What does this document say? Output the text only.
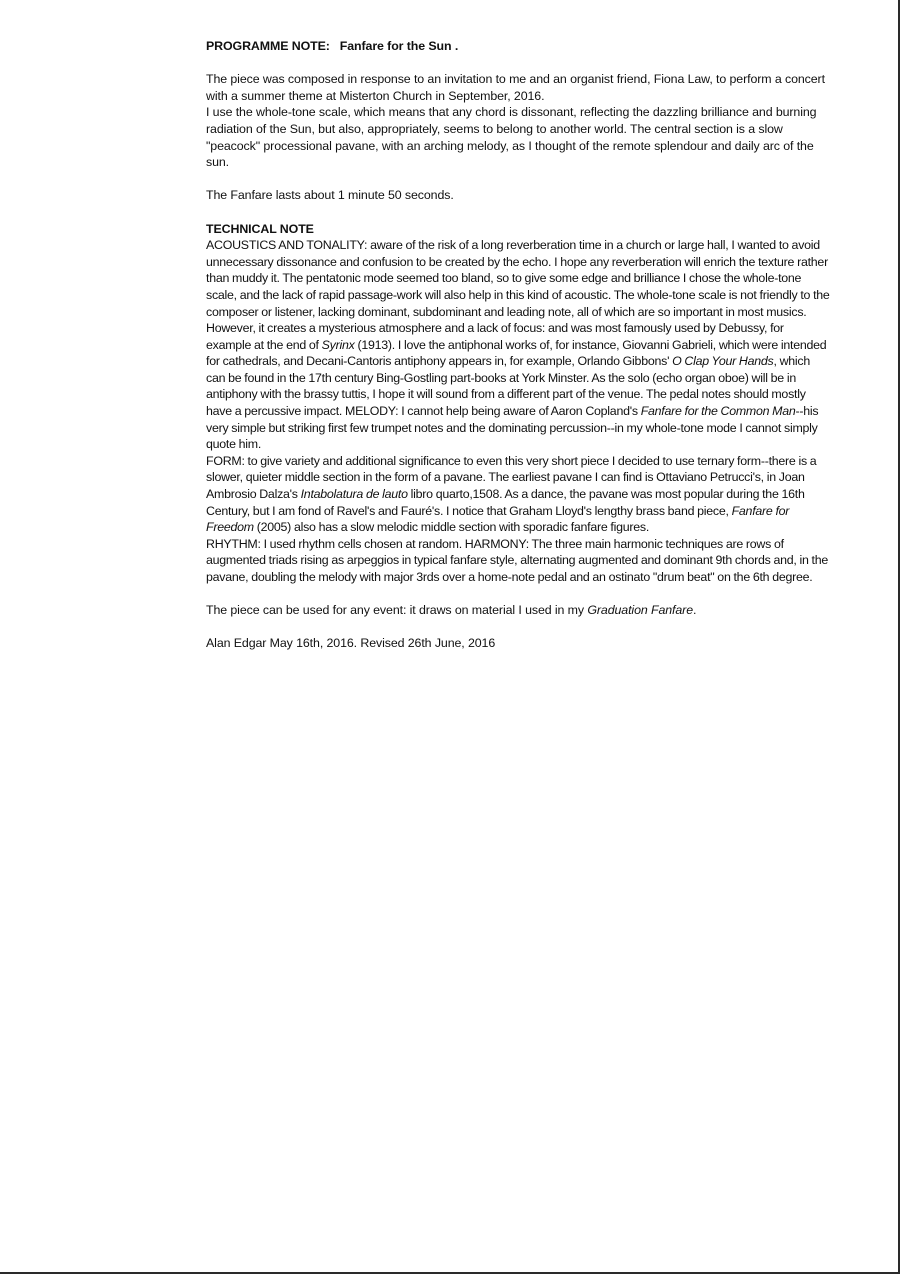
PROGRAMME NOTE: Fanfare for the Sun .

The piece was composed in response to an invitation to me and an organist friend, Fiona Law, to perform a concert with a summer theme at Misterton Church in September, 2016.

I use the whole-tone scale, which means that any chord is dissonant, reflecting the dazzling brilliance and burning radiation of the Sun, but also, appropriately, seems to belong to another world. The central section is a slow "peacock" processional pavane, with an arching melody, as I thought of the remote splendour and daily arc of the sun.

The Fanfare lasts about 1 minute 50 seconds.

TECHNICAL NOTE

ACOUSTICS AND TONALITY: aware of the risk of a long reverberation time in a church or large hall, I wanted to avoid unnecessary dissonance and confusion to be created by the echo. I hope any reverberation will enrich the texture rather than muddy it. The pentatonic mode seemed too bland, so to give some edge and brilliance I chose the whole-tone scale, and the lack of rapid passage-work will also help in this kind of acoustic. The whole-tone scale is not friendly to the composer or listener, lacking dominant, subdominant and leading note, all of which are so important in most musics. However, it creates a mysterious atmosphere and a lack of focus: and was most famously used by Debussy, for example at the end of Syrinx (1913). I love the antiphonal works of, for instance, Giovanni Gabrieli, which were intended for cathedrals, and Decani-Cantoris antiphony appears in, for example, Orlando Gibbons' O Clap Your Hands, which can be found in the 17th century Bing-Gostling part-books at York Minster. As the solo (echo organ oboe) will be in antiphony with the brassy tuttis, I hope it will sound from a different part of the venue. The pedal notes should mostly have a percussive impact. MELODY: I cannot help being aware of Aaron Copland's Fanfare for the Common Man--his very simple but striking first few trumpet notes and the dominating percussion--in my whole-tone mode I cannot simply quote him.

FORM: to give variety and additional significance to even this very short piece I decided to use ternary form--there is a slower, quieter middle section in the form of a pavane. The earliest pavane I can find is Ottaviano Petrucci's, in Joan Ambrosio Dalza's Intabolatura de lauto libro quarto,1508. As a dance, the pavane was most popular during the 16th Century, but I am fond of Ravel's and Fauré's. I notice that Graham Lloyd's lengthy brass band piece, Fanfare for Freedom (2005) also has a slow melodic middle section with sporadic fanfare figures.

RHYTHM: I used rhythm cells chosen at random. HARMONY: The three main harmonic techniques are rows of augmented triads rising as arpeggios in typical fanfare style, alternating augmented and dominant 9th chords and, in the pavane, doubling the melody with major 3rds over a home-note pedal and an ostinato "drum beat" on the 6th degree.

The piece can be used for any event: it draws on material I used in my Graduation Fanfare.

Alan Edgar May 16th, 2016. Revised 26th June, 2016
